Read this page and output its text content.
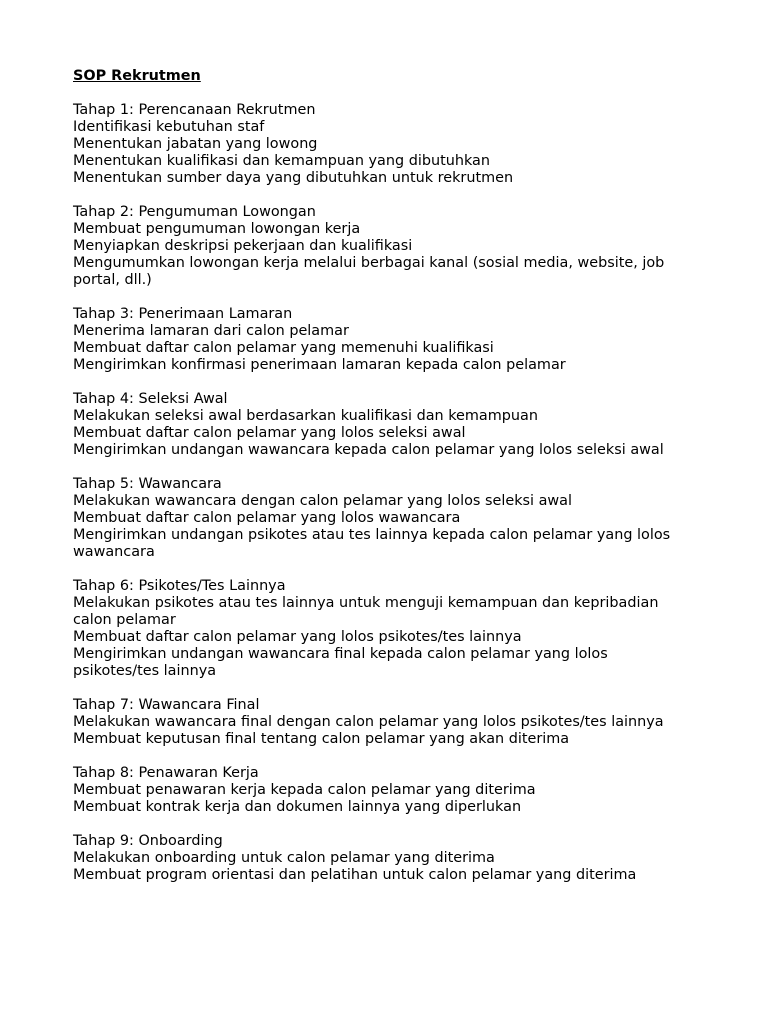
SOP Rekrutmen
Tahap 1: Perencanaan Rekrutmen
Identifikasi kebutuhan staf
Menentukan jabatan yang lowong
Menentukan kualifikasi dan kemampuan yang dibutuhkan
Menentukan sumber daya yang dibutuhkan untuk rekrutmen
Tahap 2: Pengumuman Lowongan
Membuat pengumuman lowongan kerja
Menyiapkan deskripsi pekerjaan dan kualifikasi
Mengumumkan lowongan kerja melalui berbagai kanal (sosial media, website, job portal, dll.)
Tahap 3: Penerimaan Lamaran
Menerima lamaran dari calon pelamar
Membuat daftar calon pelamar yang memenuhi kualifikasi
Mengirimkan konfirmasi penerimaan lamaran kepada calon pelamar
Tahap 4: Seleksi Awal
Melakukan seleksi awal berdasarkan kualifikasi dan kemampuan
Membuat daftar calon pelamar yang lolos seleksi awal
Mengirimkan undangan wawancara kepada calon pelamar yang lolos seleksi awal
Tahap 5: Wawancara
Melakukan wawancara dengan calon pelamar yang lolos seleksi awal
Membuat daftar calon pelamar yang lolos wawancara
Mengirimkan undangan psikotes atau tes lainnya kepada calon pelamar yang lolos wawancara
Tahap 6: Psikotes/Tes Lainnya
Melakukan psikotes atau tes lainnya untuk menguji kemampuan dan kepribadian calon pelamar
Membuat daftar calon pelamar yang lolos psikotes/tes lainnya
Mengirimkan undangan wawancara final kepada calon pelamar yang lolos psikotes/tes lainnya
Tahap 7: Wawancara Final
Melakukan wawancara final dengan calon pelamar yang lolos psikotes/tes lainnya
Membuat keputusan final tentang calon pelamar yang akan diterima
Tahap 8: Penawaran Kerja
Membuat penawaran kerja kepada calon pelamar yang diterima
Membuat kontrak kerja dan dokumen lainnya yang diperlukan
Tahap 9: Onboarding
Melakukan onboarding untuk calon pelamar yang diterima
Membuat program orientasi dan pelatihan untuk calon pelamar yang diterima
